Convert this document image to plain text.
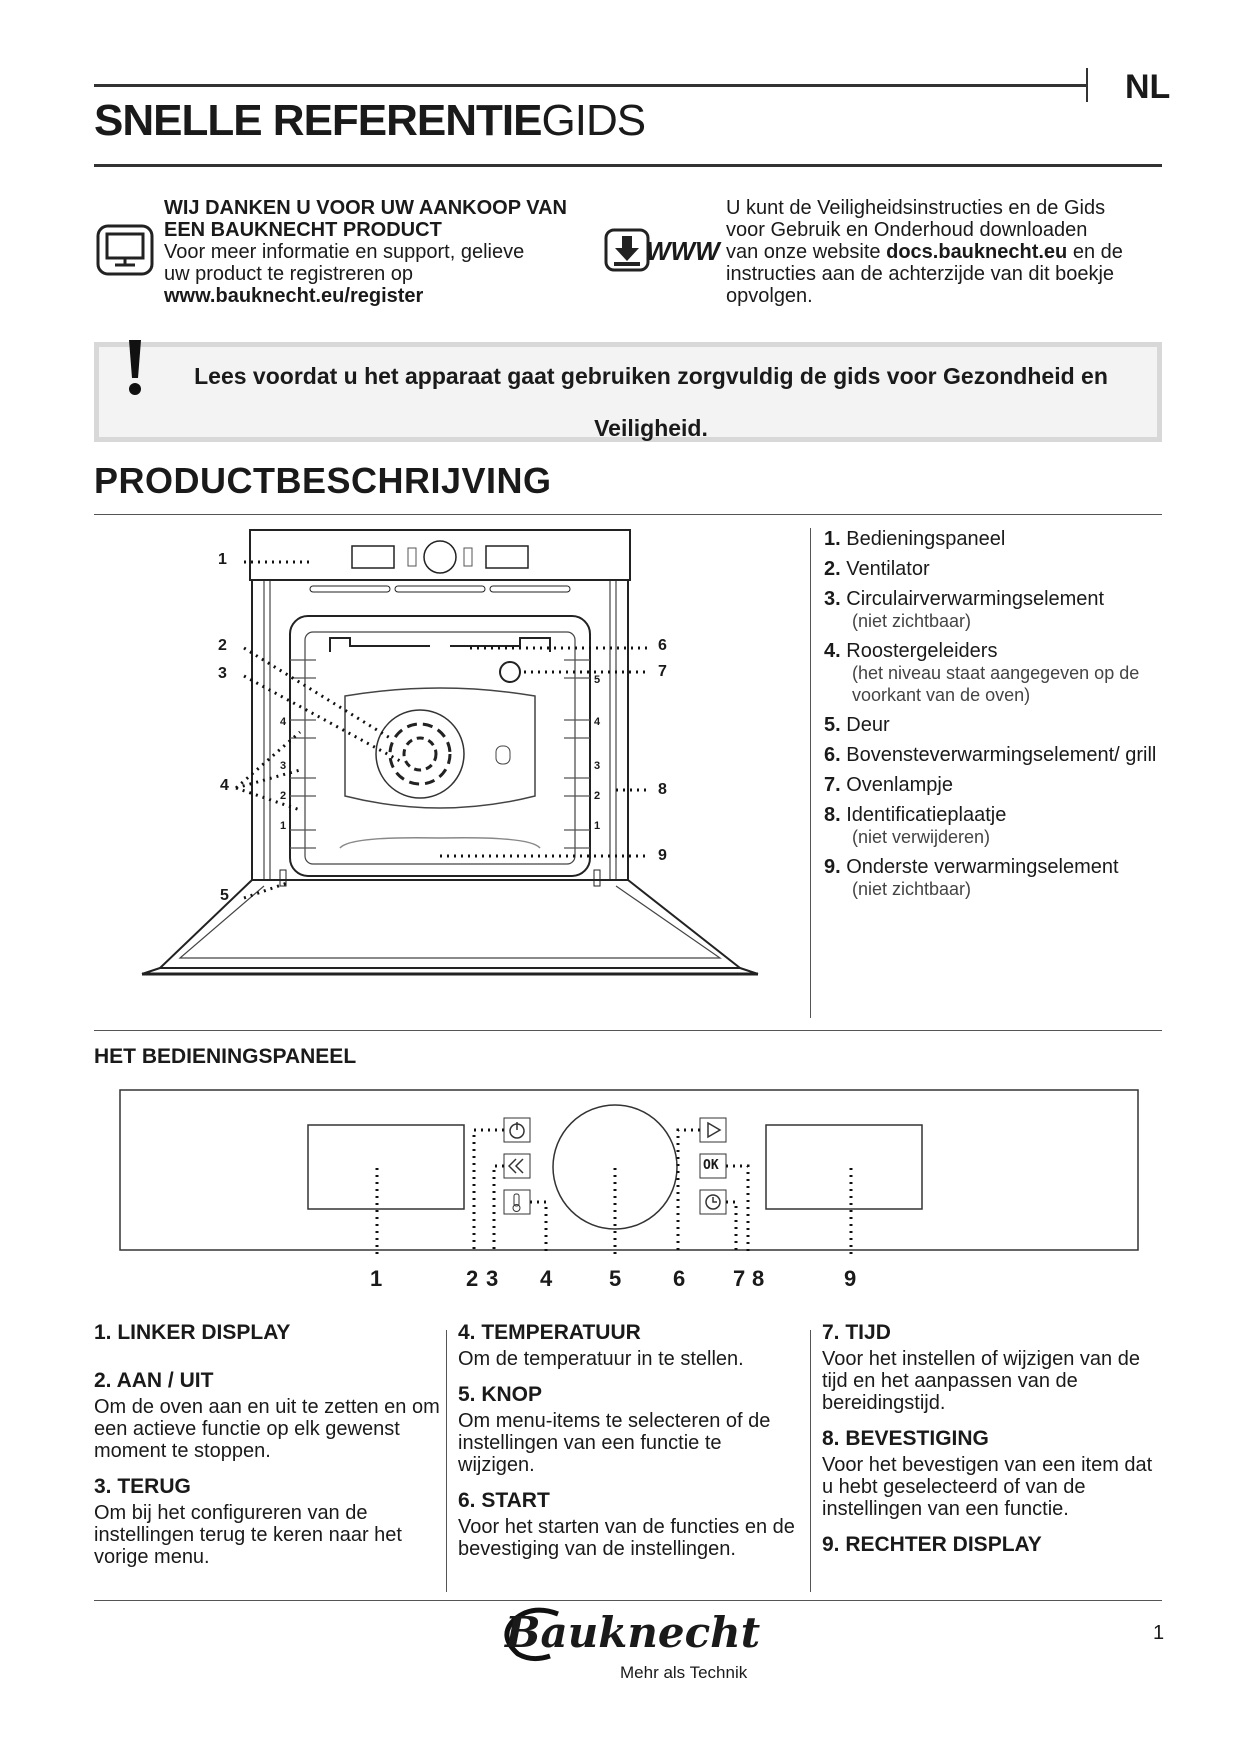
NL
SNELLE REFERENTIEGIDS
WIJ DANKEN U VOOR UW AANKOOP VAN
EEN BAUKNECHT PRODUCT
Voor meer informatie en support, gelieve
uw product te registreren op
www.bauknecht.eu/register
WWW
U kunt de Veiligheidsinstructies en de Gids
voor Gebruik en Onderhoud downloaden
van onze website docs.bauknecht.eu en de
instructies aan de achterzijde van dit boekje
opvolgen.
Lees voordat u het apparaat gaat gebruiken zorgvuldig de gids voor Gezondheid en Veiligheid.
PRODUCTBESCHRIJVING
1
2
3
4
5
6
7
8
9
4
3
2
1
5
4
3
2
1
1. Bedieningspaneel
2. Ventilator
3. Circulairverwarmingselement
(niet zichtbaar)
4. Roostergeleiders
(het niveau staat aangegeven op de voorkant van de oven)
5. Deur
6. Bovensteverwarmingselement/ grill
7. Ovenlampje
8. Identificatieplaatje
(niet verwijderen)
9. Onderste verwarmingselement
(niet zichtbaar)
HET BEDIENINGSPANEEL
OK
1	2 3 4	5 6 7 8	9
1. LINKER DISPLAY
2. AAN / UIT
Om de oven aan en uit te zetten en om een actieve functie op elk gewenst moment te stoppen.
3. TERUG
Om bij het configureren van de instellingen terug te keren naar het vorige menu.
4. TEMPERATUUR
Om de temperatuur in te stellen.
5. KNOP
Om menu-items te selecteren of de instellingen van een functie te wijzigen.
6. START
Voor het starten van de functies en de bevestiging van de instellingen.
7. TIJD
Voor het instellen of wijzigen van de tijd en het aanpassen van de bereidingstijd.
8. BEVESTIGING
Voor het bevestigen van een item dat u hebt geselecteerd of van de instellingen van een functie.
9. RECHTER DISPLAY
Bauknecht
Mehr als Technik
1
